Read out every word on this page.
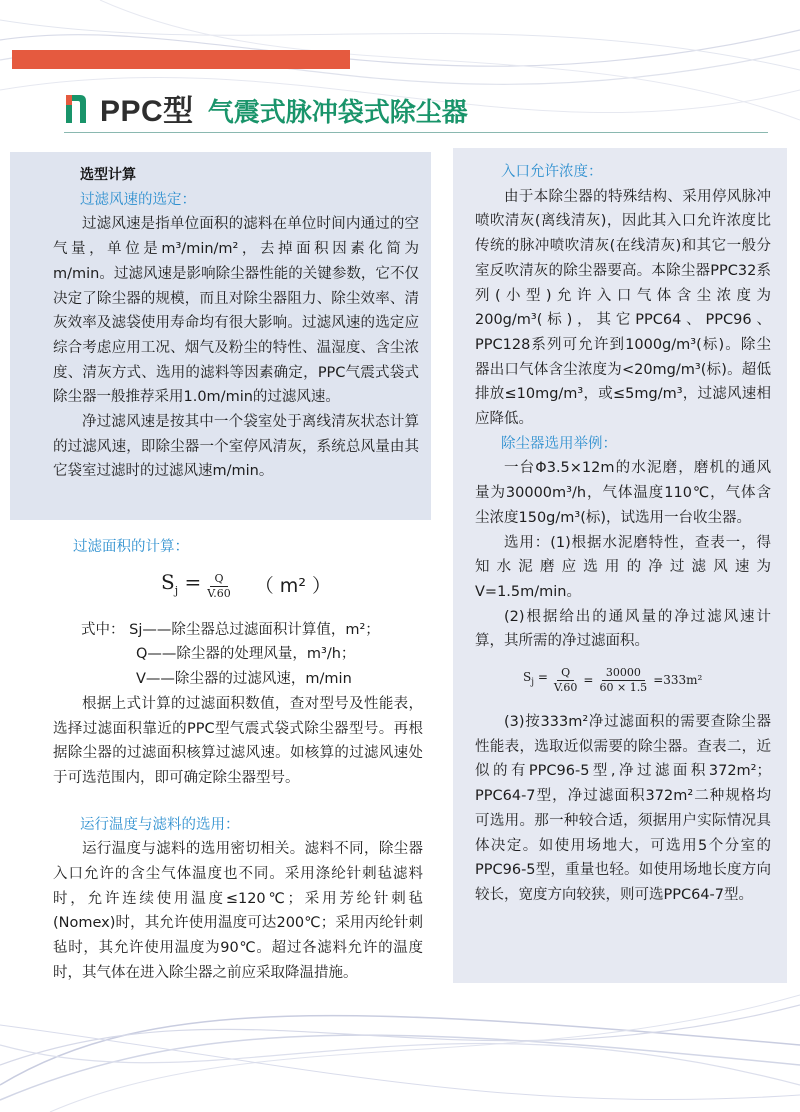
PPC型 气震式脉冲袋式除尘器
选型计算
过滤风速的选定：
过滤风速是指单位面积的滤料在单位时间内通过的空气量，单位是m³/min/m²，去掉面积因素化简为m/min。过滤风速是影响除尘器性能的关键参数，它不仅决定了除尘器的规模，而且对除尘器阻力、除尘效率、清灰效率及滤袋使用寿命均有很大影响。过滤风速的选定应综合考虑应用工况、烟气及粉尘的特性、温湿度、含尘浓度、清灰方式、选用的滤料等因素确定，PPC气震式袋式除尘器一般推荐采用1.0m/min的过滤风速。
净过滤风速是按其中一个袋室处于离线清灰状态计算的过滤风速，即除尘器一个室停风清灰，系统总风量由其它袋室过滤时的过滤风速m/min。
过滤面积的计算：
$S_j = \frac{Q}{V.60}$ （ m² ）
式中： Sj——除尘器总过滤面积计算值，m²；
Q——除尘器的处理风量，m³/h；
V——除尘器的过滤风速，m/min
根据上式计算的过滤面积数值，查对型号及性能表，选择过滤面积靠近的PPC型气震式袋式除尘器型号。再根据除尘器的过滤面积核算过滤风速。如核算的过滤风速处于可选范围内，即可确定除尘器型号。
运行温度与滤料的选用：
运行温度与滤料的选用密切相关。滤料不同，除尘器入口允许的含尘气体温度也不同。采用涤纶针刺毡滤料时，允许连续使用温度≤120℃；采用芳纶针刺毡(Nomex)时，其允许使用温度可达200℃；采用丙纶针刺毡时，其允许使用温度为90℃。超过各滤料允许的温度时，其气体在进入除尘器之前应采取降温措施。
入口允许浓度：
由于本除尘器的特殊结构、采用停风脉冲喷吹清灰(离线清灰)，因此其入口允许浓度比传统的脉冲喷吹清灰(在线清灰)和其它一般分室反吹清灰的除尘器要高。本除尘器PPC32系列(小型)允许入口气体含尘浓度为200g/m³(标)，其它PPC64、PPC96、PPC128系列可允许到1000g/m³(标)。除尘器出口气体含尘浓度为<20mg/m³(标)。超低排放≤10mg/m³，或≤5mg/m³，过滤风速相应降低。
除尘器选用举例：
一台Φ3.5×12m的水泥磨，磨机的通风量为30000m³/h，气体温度110℃，气体含尘浓度150g/m³(标)，试选用一台收尘器。
选用：(1)根据水泥磨特性，查表一，得知水泥磨应选用的净过滤风速为V=1.5m/min。
(2)根据给出的通风量的净过滤风速计算，其所需的净过滤面积。
$S_j = \frac{Q}{V.60} = \frac{30000}{60 \times 1.5} =333m^2$
(3)按333m²净过滤面积的需要查除尘器性能表，选取近似需要的除尘器。查表二，近似的有PPC96-5型,净过滤面积372m²；PPC64-7型，净过滤面积372m²二种规格均可选用。那一种较合适，须据用户实际情况具体决定。如使用场地大，可选用5个分室的PPC96-5型，重量也轻。如使用场地长度方向较长，宽度方向较狭，则可选PPC64-7型。
